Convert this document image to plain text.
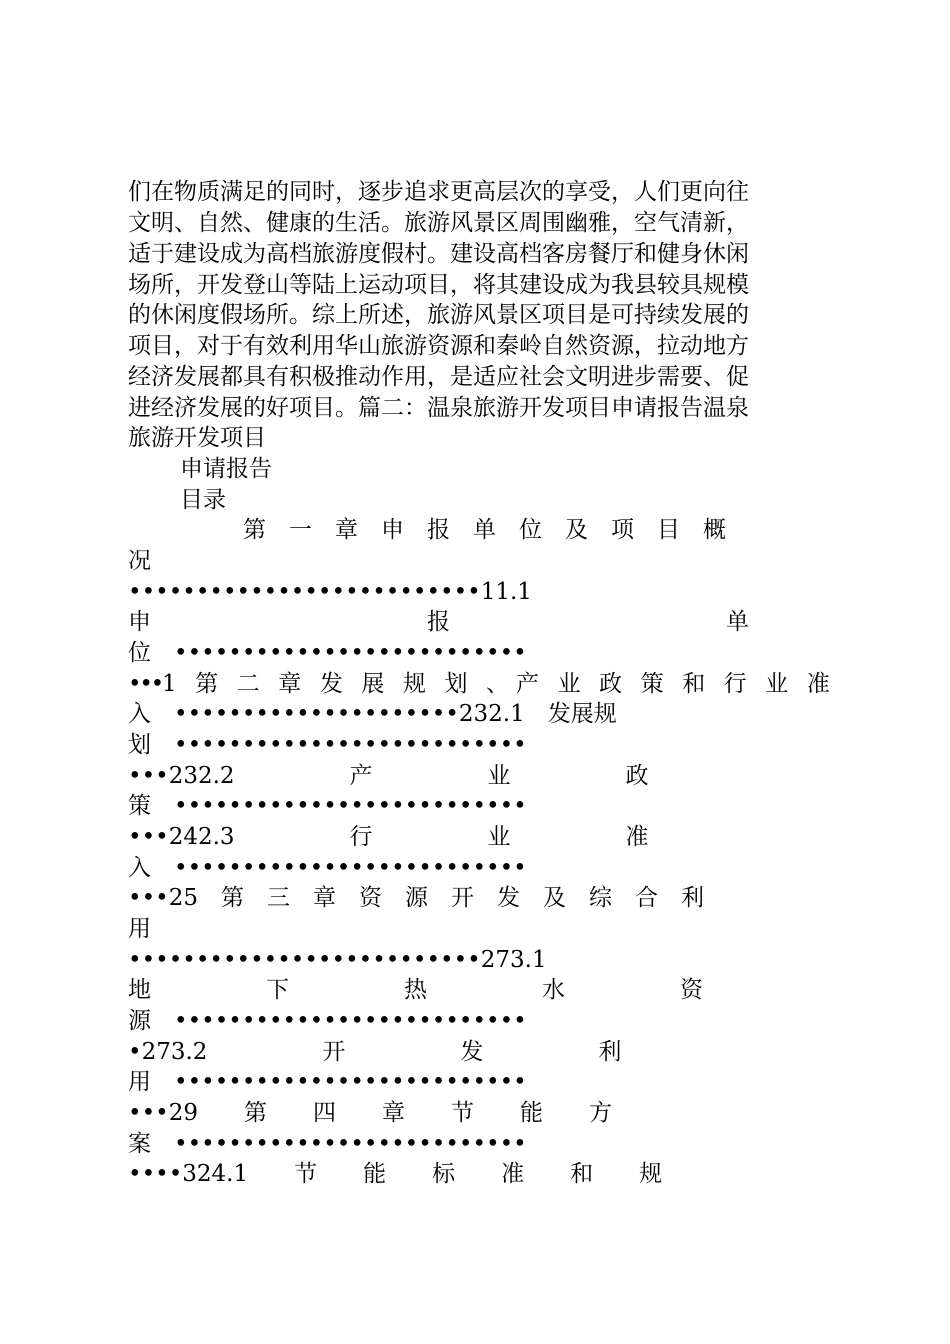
们在物质满足的同时，逐步追求更高层次的享受，人们更向往
文明、自然、健康的生活。旅游风景区周围幽雅，空气清新，
适于建设成为高档旅游度假村。建设高档客房餐厅和健身休闲
场所，开发登山等陆上运动项目，将其建设成为我县较具规模
的休闲度假场所。综上所述，旅游风景区项目是可持续发展的
项目，对于有效利用华山旅游资源和秦岭自然资源，拉动地方
经济发展都具有积极推动作用，是适应社会文明进步需要、促
进经济发展的好项目。篇二：温泉旅游开发项目申请报告温泉
旅游开发项目
申请报告
目录
　　　　　第　一　章　申　报　单　位　及　项　目　概
况
••••••••••••••••••••••••••11.1
申　　　　　　　　　　　　报　　　　　　　　　　　　单
位　••••••••••••••••••••••••••
•••1　第　二　章　发　展　规　划　、　产　业　政　策　和　行　业　准
入　•••••••••••••••••••••232.1　发展规
划　••••••••••••••••••••••••••
•••232.2　　　　　产　　　　　业　　　　　政
策　••••••••••••••••••••••••••
•••242.3　　　　　行　　　　　业　　　　　准
入　••••••••••••••••••••••••••
•••25　第　三　章　资　源　开　发　及　综　合　利
用
••••••••••••••••••••••••••273.1
地　　　　　下　　　　　热　　　　　水　　　　　资
源　••••••••••••••••••••••••••
•273.2　　　　　开　　　　　发　　　　　利
用　••••••••••••••••••••••••••
•••29　　第　　四　　章　　节　　能　　方
案　••••••••••••••••••••••••••
••••324.1　　节　　能　　标　　准　　和　　规
